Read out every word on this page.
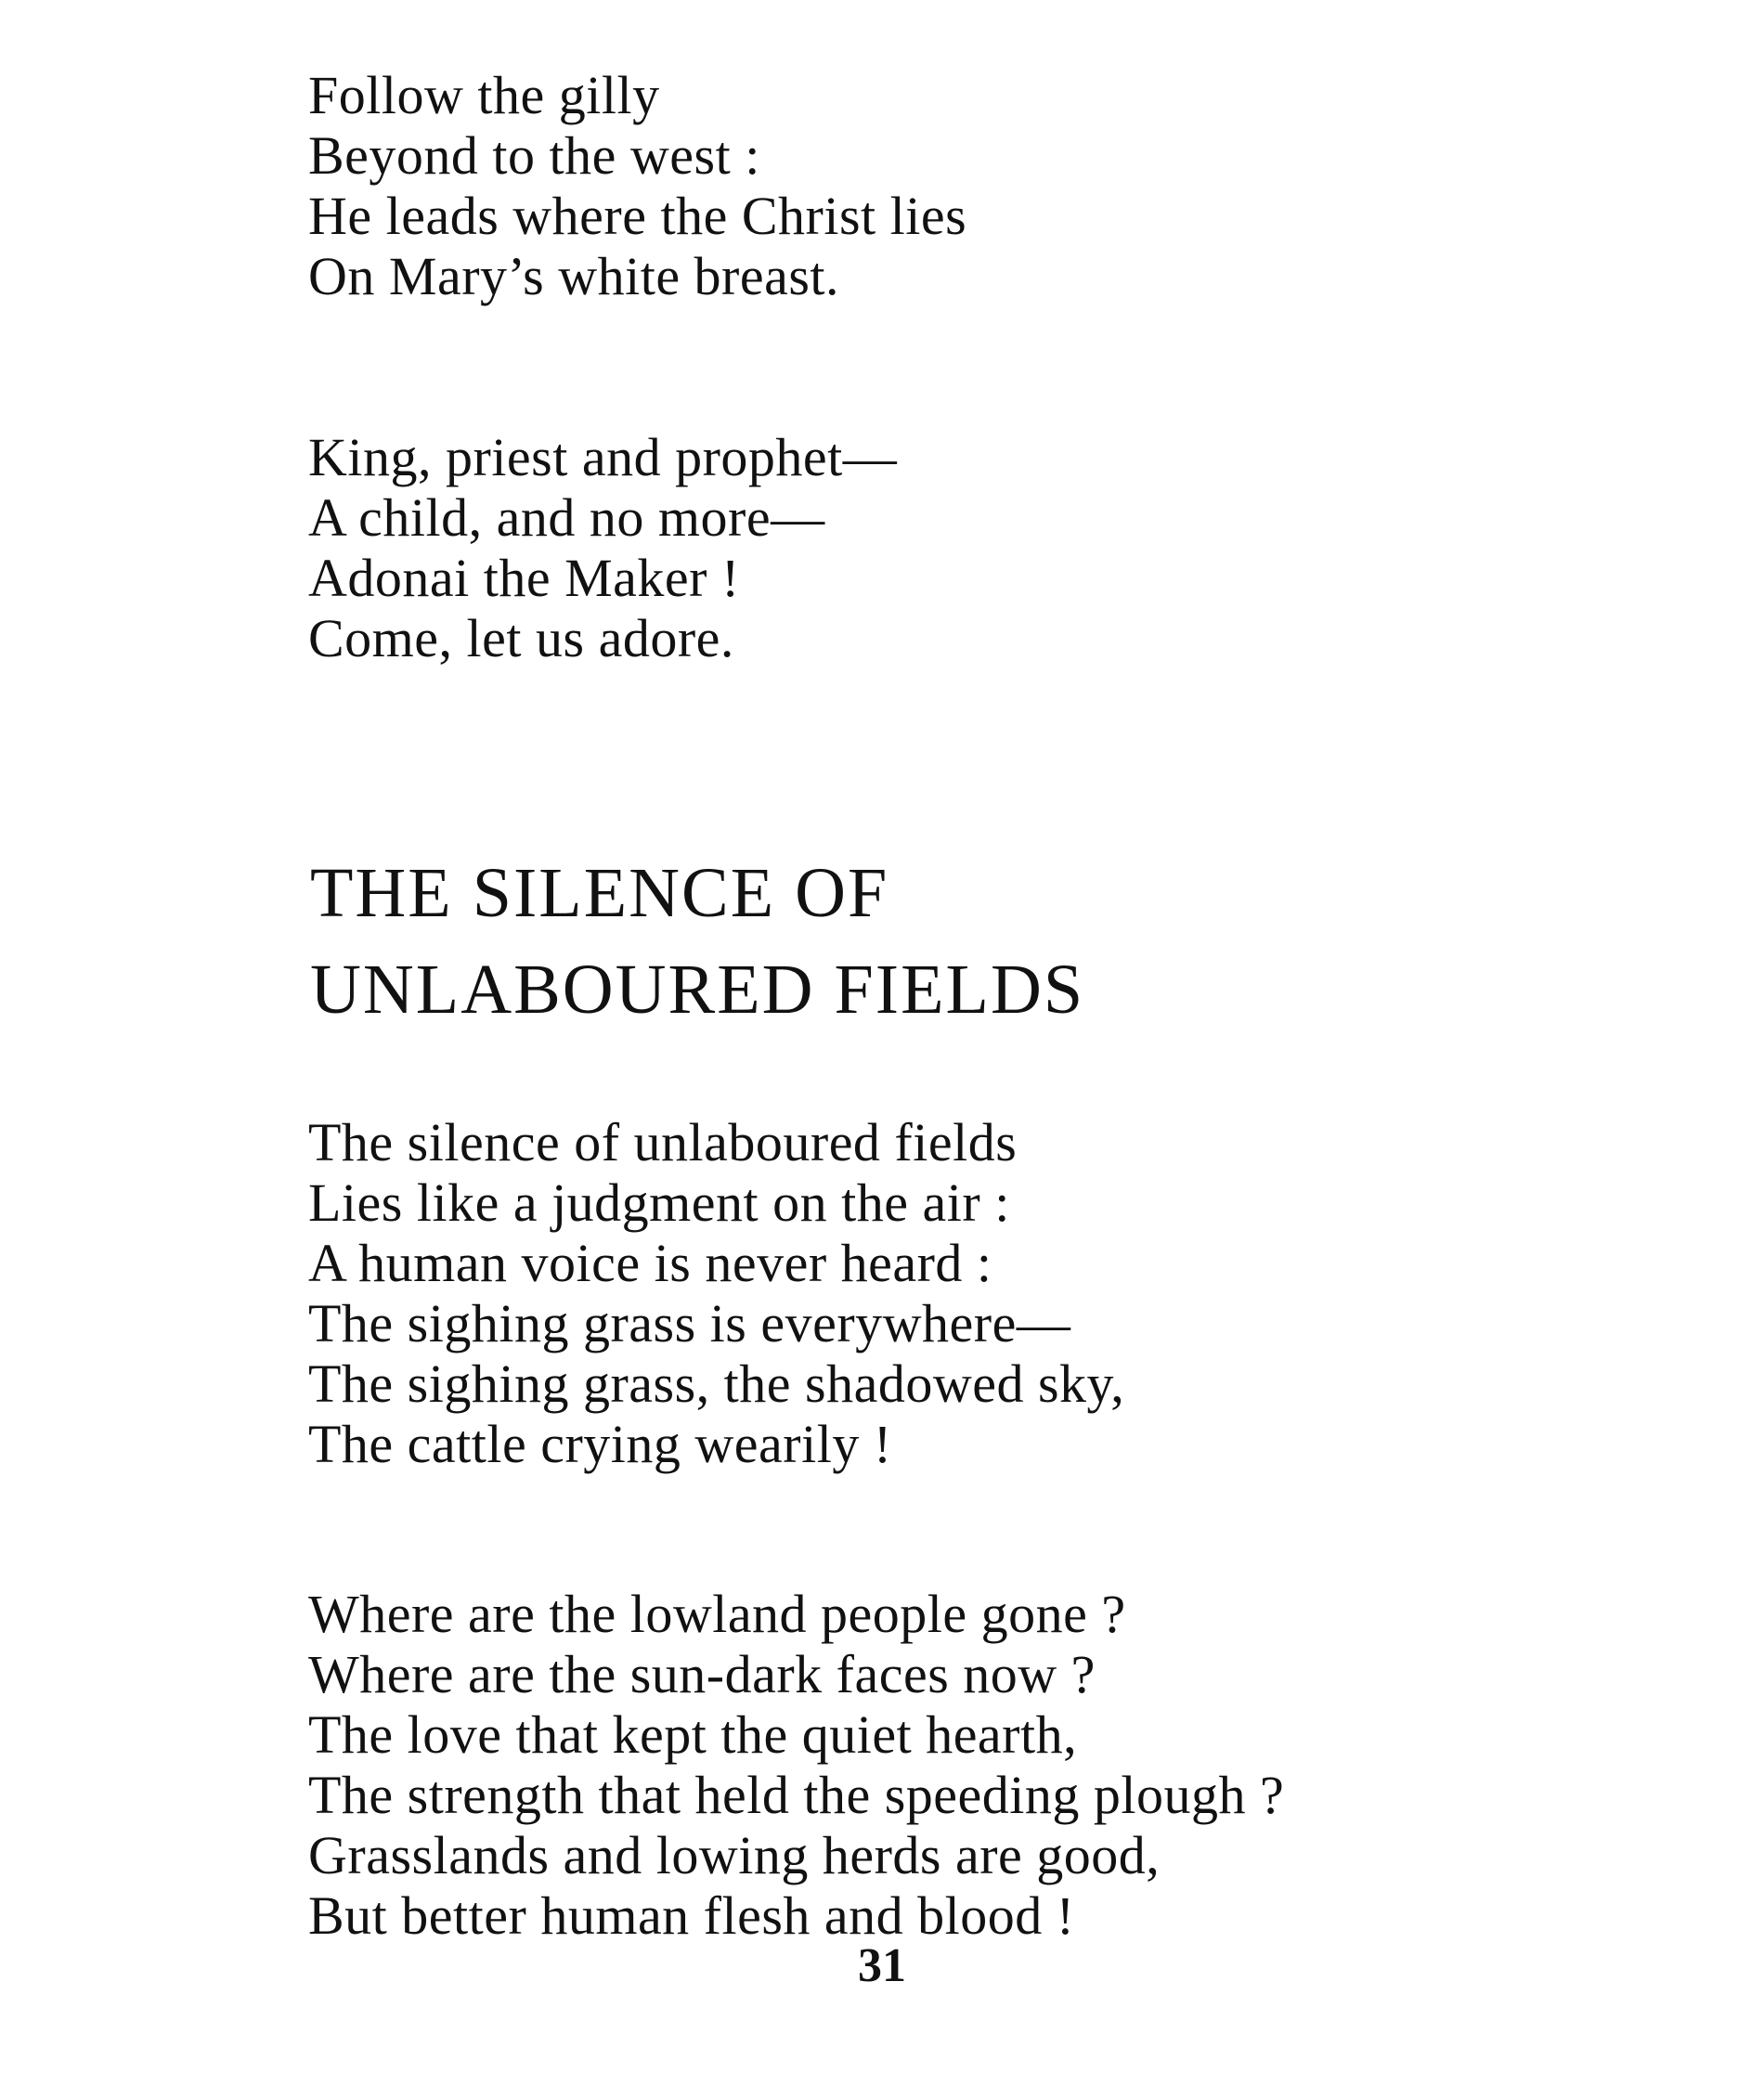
Follow the gilly
Beyond to the west :
He leads where the Christ lies
On Mary’s white breast.
King, priest and prophet—
A child, and no more—
Adonai the Maker !
Come, let us adore.
THE SILENCE OF
UNLABOURED FIELDS
The silence of unlaboured fields
Lies like a judgment on the air :
A human voice is never heard :
The sighing grass is everywhere—
The sighing grass, the shadowed sky,
The cattle crying wearily !
Where are the lowland people gone ?
Where are the sun-dark faces now ?
The love that kept the quiet hearth,
The strength that held the speeding plough ?
Grasslands and lowing herds are good,
But better human flesh and blood !
31
